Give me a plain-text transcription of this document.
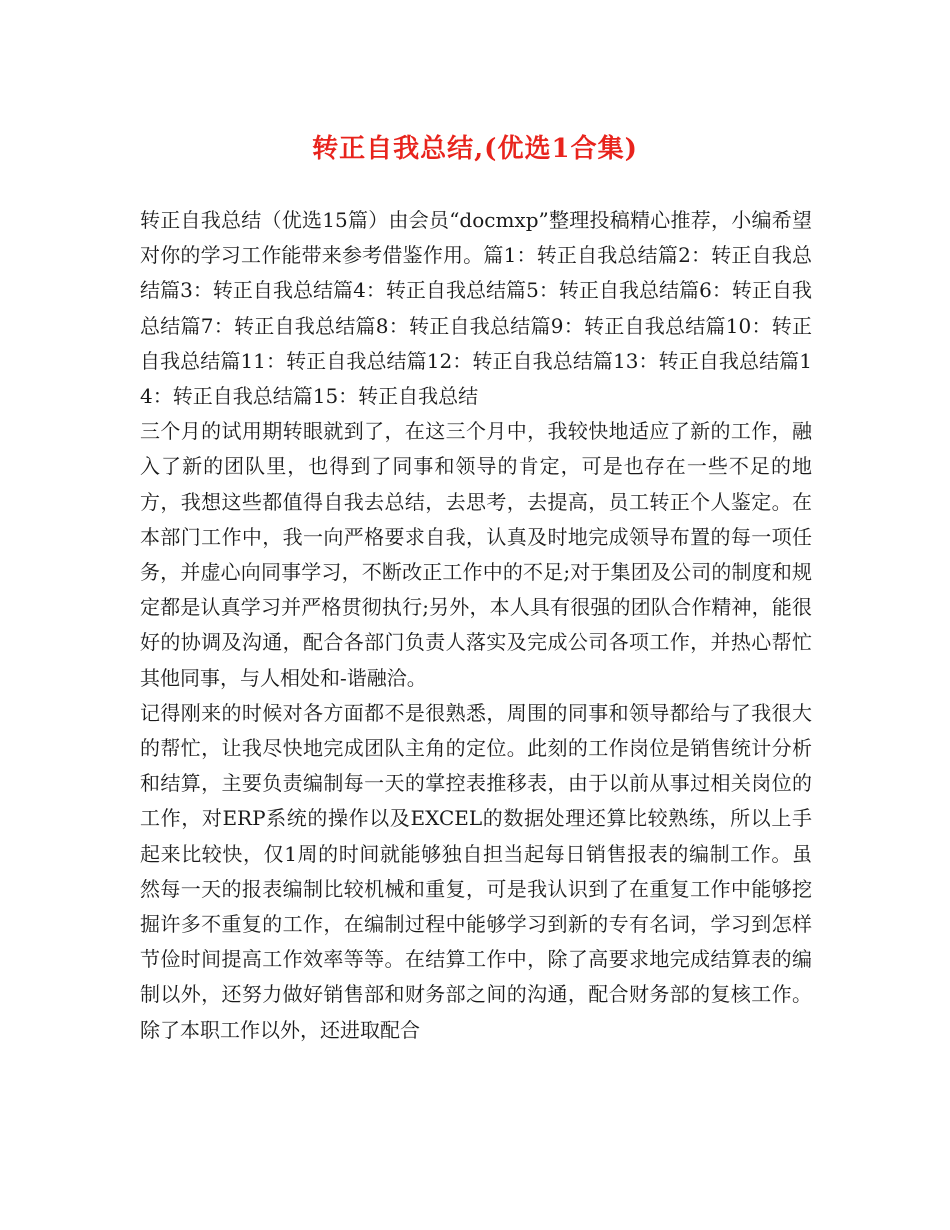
转正自我总结,(优选1合集)

转正自我总结（优选15篇）由会员“docmxp”整理投稿精心推荐，小编希望对你的学习工作能带来参考借鉴作用。篇1：转正自我总结篇2：转正自我总结篇3：转正自我总结篇4：转正自我总结篇5：转正自我总结篇6：转正自我总结篇7：转正自我总结篇8：转正自我总结篇9：转正自我总结篇10：转正自我总结篇11：转正自我总结篇12：转正自我总结篇13：转正自我总结篇14：转正自我总结篇15：转正自我总结

三个月的试用期转眼就到了，在这三个月中，我较快地适应了新的工作，融入了新的团队里，也得到了同事和领导的肯定，可是也存在一些不足的地方，我想这些都值得自我去总结，去思考，去提高，员工转正个人鉴定。在本部门工作中，我一向严格要求自我，认真及时地完成领导布置的每一项任务，并虚心向同事学习，不断改正工作中的不足;对于集团及公司的制度和规定都是认真学习并严格贯彻执行;另外，本人具有很强的团队合作精神，能很好的协调及沟通，配合各部门负责人落实及完成公司各项工作，并热心帮忙其他同事，与人相处和-谐融洽。

记得刚来的时候对各方面都不是很熟悉，周围的同事和领导都给与了我很大的帮忙，让我尽快地完成团队主角的定位。此刻的工作岗位是销售统计分析和结算，主要负责编制每一天的掌控表推移表，由于以前从事过相关岗位的工作，对ERP系统的操作以及EXCEL的数据处理还算比较熟练，所以上手起来比较快，仅1周的时间就能够独自担当起每日销售报表的编制工作。虽然每一天的报表编制比较机械和重复，可是我认识到了在重复工作中能够挖掘许多不重复的工作，在编制过程中能够学习到新的专有名词，学习到怎样节俭时间提高工作效率等等。在结算工作中，除了高要求地完成结算表的编制以外，还努力做好销售部和财务部之间的沟通，配合财务部的复核工作。除了本职工作以外，还进取配合
